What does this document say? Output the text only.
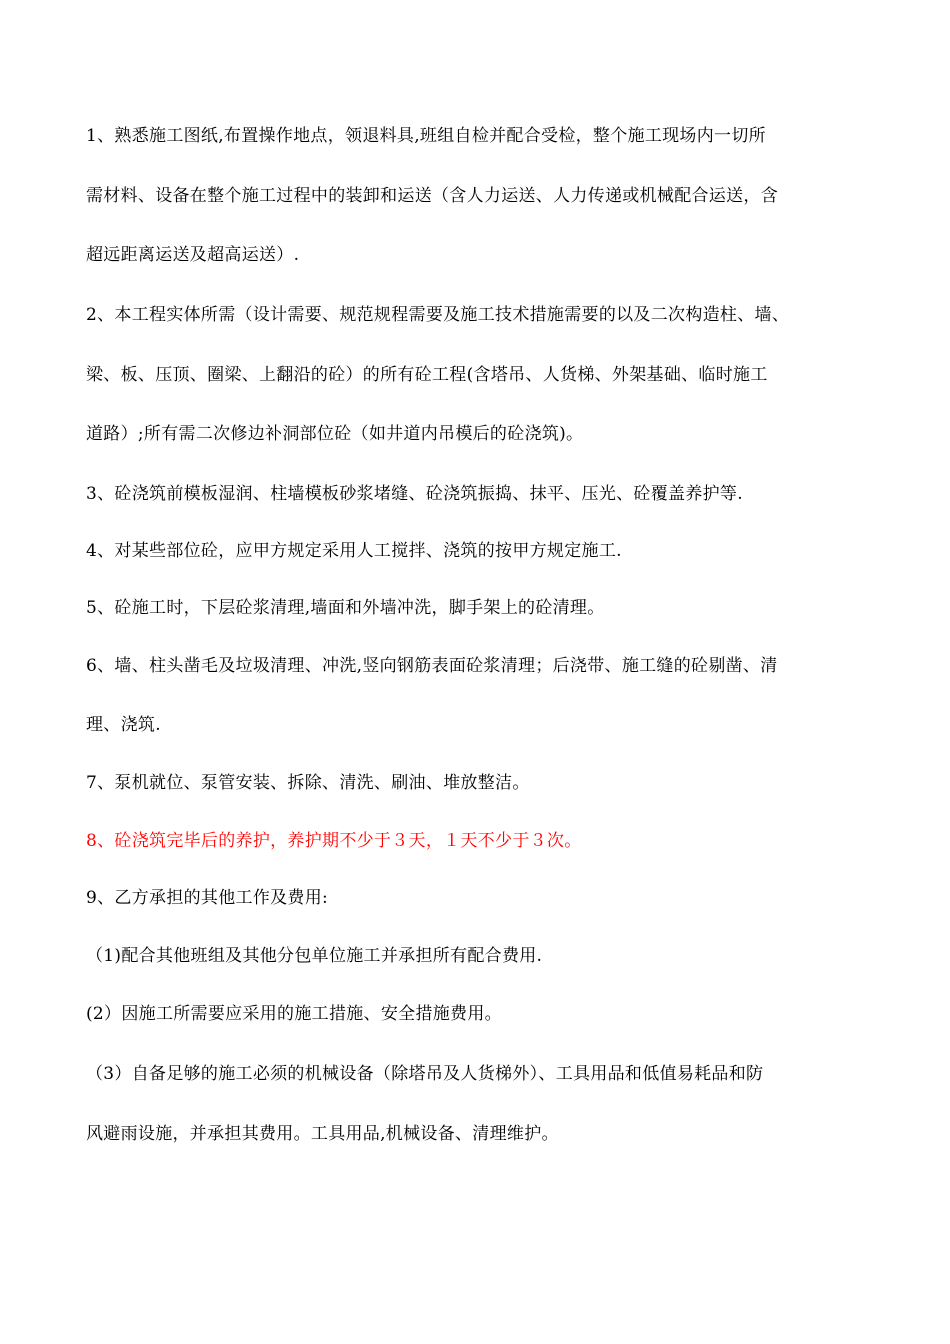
1、熟悉施工图纸,布置操作地点，领退料具,班组自检并配合受检，整个施工现场内一切所
需材料、设备在整个施工过程中的装卸和运送（含人力运送、人力传递或机械配合运送，含
超远距离运送及超高运送）.
2、本工程实体所需（设计需要、规范规程需要及施工技术措施需要的以及二次构造柱、墙、
梁、板、压顶、圈梁、上翻沿的砼）的所有砼工程(含塔吊、人货梯、外架基础、临时施工
道路）;所有需二次修边补洞部位砼（如井道内吊模后的砼浇筑)。
3、砼浇筑前模板湿润、柱墙模板砂浆堵缝、砼浇筑振捣、抹平、压光、砼覆盖养护等.
4、对某些部位砼，应甲方规定采用人工搅拌、浇筑的按甲方规定施工.
5、砼施工时，下层砼浆清理,墙面和外墙冲洗，脚手架上的砼清理。
6、墙、柱头凿毛及垃圾清理、冲洗,竖向钢筋表面砼浆清理；后浇带、施工缝的砼剔凿、清
理、浇筑.
7、泵机就位、泵管安装、拆除、清洗、刷油、堆放整洁。
8、砼浇筑完毕后的养护，养护期不少于３天，１天不少于３次。
9、乙方承担的其他工作及费用:
（1)配合其他班组及其他分包单位施工并承担所有配合费用.
(2）因施工所需要应采用的施工措施、安全措施费用。
（3）自备足够的施工必须的机械设备（除塔吊及人货梯外）、工具用品和低值易耗品和防
风避雨设施，并承担其费用。工具用品,机械设备、清理维护。
